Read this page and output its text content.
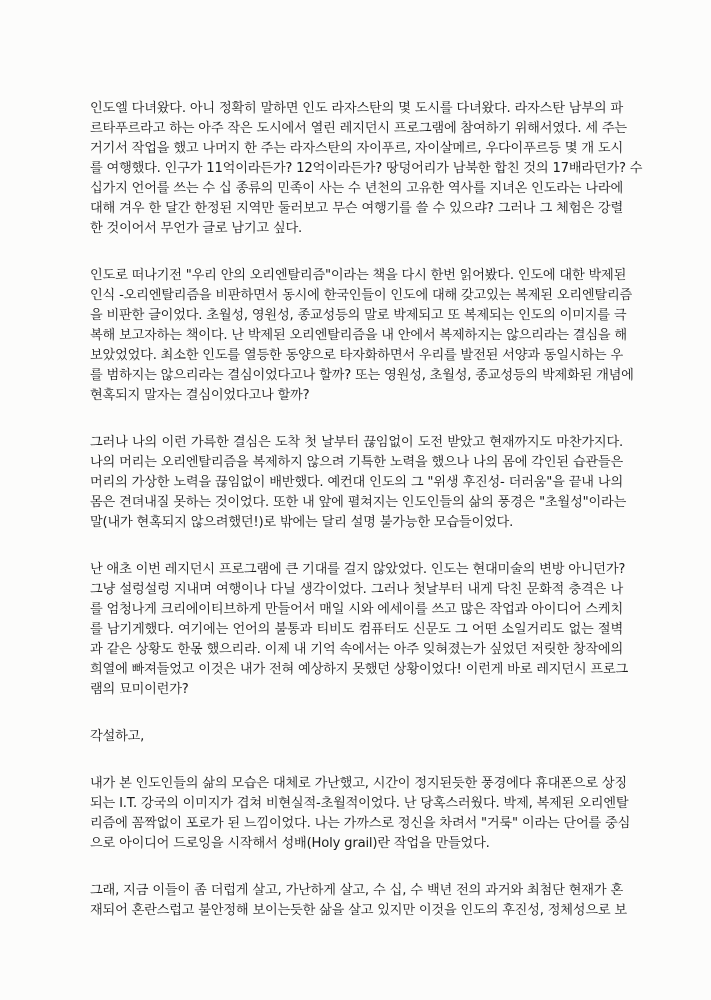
인도엘 다녀왔다. 아니 정확히 말하면 인도 라자스탄의 몇 도시를 다녀왔다. 라자스탄 남부의 파
르타푸르라고 하는 아주 작은 도시에서 열린 레지던시 프로그램에 참여하기 위해서였다. 세 주는
거기서 작업을 했고 나머지 한 주는 라자스탄의 자이푸르, 자이살메르, 우다이푸르등 몇 개 도시
를 여행했다. 인구가 11억이라든가? 12억이라든가? 땅덩어리가 남북한 합친 것의 17배라던가? 수
십가지 언어를 쓰는 수 십 종류의 민족이 사는 수 년천의 고유한 역사를 지녀온 인도라는 나라에
대해 겨우 한 달간 한정된 지역만 둘러보고 무슨 여행기를 쓸 수 있으랴? 그러나 그 체험은 강렬
한 것이어서 무언가 글로 남기고 싶다.
인도로 떠나기전 "우리 안의 오리엔탈리즘"이라는 책을 다시 한번 읽어봤다. 인도에 대한 박제된
인식 -오리엔탈리즘을 비판하면서 동시에 한국인들이 인도에 대해 갖고있는 복제된 오리엔탈리즘
을 비판한 글이었다. 초월성, 영원성, 종교성등의 말로 박제되고 또 복제되는 인도의 이미지를 극
복해 보고자하는 책이다. 난 박제된 오리엔탈리즘을 내 안에서 복제하지는 않으리라는 결심을 해
보았었었다. 최소한 인도를 열등한 동양으로 타자화하면서 우리를 발전된 서양과 동일시하는 우
를 범하지는 않으리라는 결심이었다고나 할까? 또는 영원성, 초월성, 종교성등의 박제화된 개념에
현혹되지 말자는 결심이었다고나 할까?
그러나 나의 이런 가륵한 결심은 도착 첫 날부터 끊임없이 도전 받았고 현재까지도 마찬가지다.
나의 머리는 오리엔탈리즘을 복제하지 않으려 기특한 노력을 했으나 나의 몸에 각인된 습관들은
머리의 가상한 노력을 끊임없이 배반했다. 예컨대 인도의 그 "위생 후진성- 더러움"을 끝내 나의
몸은 견뎌내질 못하는 것이었다. 또한 내 앞에 펼쳐지는 인도인들의 삶의 풍경은 "초월성"이라는
말(내가 현혹되지 않으려했던!)로 밖에는 달리 설명 불가능한 모습들이었다.
난 애초 이번 레지던시 프로그램에 큰 기대를 걸지 않았었다. 인도는 현대미술의 변방 아니던가?
그냥 설렁설렁 지내며 여행이나 다닐 생각이었다. 그러나 첫날부터 내게 닥친 문화적 충격은 나
를 엄청나게 크리에이티브하게 만들어서 매일 시와 에세이를 쓰고 많은 작업과 아이디어 스케치
를 남기게했다. 여기에는 언어의 불통과 티비도 컴퓨터도 신문도 그 어떤 소일거리도 없는 절벽
과 같은 상황도 한몫 했으리라. 이제 내 기억 속에서는 아주 잊혀졌는가 싶었던 저릿한 창작에의
희열에 빠져들었고 이것은 내가 전혀 예상하지 못했던 상황이었다! 이런게 바로 레지던시 프로그
램의 묘미이런가?
각설하고,
내가 본 인도인들의 삶의 모습은 대체로 가난했고, 시간이 정지된듯한 풍경에다 휴대폰으로 상징
되는 I.T. 강국의 이미지가 겹쳐 비현실적-초월적이었다. 난 당혹스러웠다. 박제, 복제된 오리엔탈
리즘에 꼼짝없이 포로가 된 느낌이었다. 나는 가까스로 정신을 차려서 "거룩" 이라는 단어를 중심
으로 아이디어 드로잉을 시작해서 성배(Holy grail)란 작업을 만들었다.
그래, 지금 이들이 좀 더럽게 살고, 가난하게 살고, 수 십, 수 백년 전의 과거와 최첨단 현재가 혼
재되어 혼란스럽고 불안정해 보이는듯한 삶을 살고 있지만 이것을 인도의 후진성, 정체성으로 보
